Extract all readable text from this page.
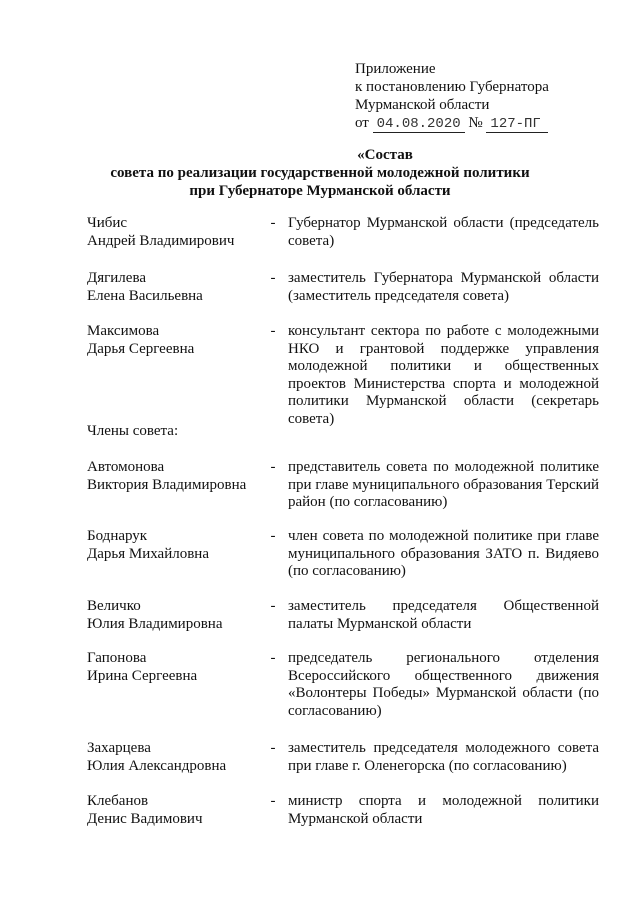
Приложение
к постановлению Губернатора
Мурманской области
от 04.08.2020 № 127-ПГ
«Состав
совета по реализации государственной молодежной политики
при Губернаторе Мурманской области
Чибис
Андрей Владимирович
- Губернатор Мурманской области (председатель совета)
Дягилева
Елена Васильевна
- заместитель Губернатора Мурманской области (заместитель председателя совета)
Максимова
Дарья Сергеевна
- консультант сектора по работе с молодежными НКО и грантовой поддержке управления молодежной политики и общественных проектов Министерства спорта и молодежной политики Мурманской области (секретарь совета)
Члены совета:
Автомонова
Виктория Владимировна
- представитель совета по молодежной политике при главе муниципального образования Терский район (по согласованию)
Боднарук
Дарья Михайловна
- член совета по молодежной политике при главе муниципального образования ЗАТО п. Видяево (по согласованию)
Величко
Юлия Владимировна
- заместитель председателя Общественной палаты Мурманской области
Гапонова
Ирина Сергеевна
- председатель регионального отделения Всероссийского общественного движения «Волонтеры Победы» Мурманской области (по согласованию)
Захарцева
Юлия Александровна
- заместитель председателя молодежного совета при главе г. Оленегорска (по согласованию)
Клебанов
Денис Вадимович
- министр спорта и молодежной политики Мурманской области
